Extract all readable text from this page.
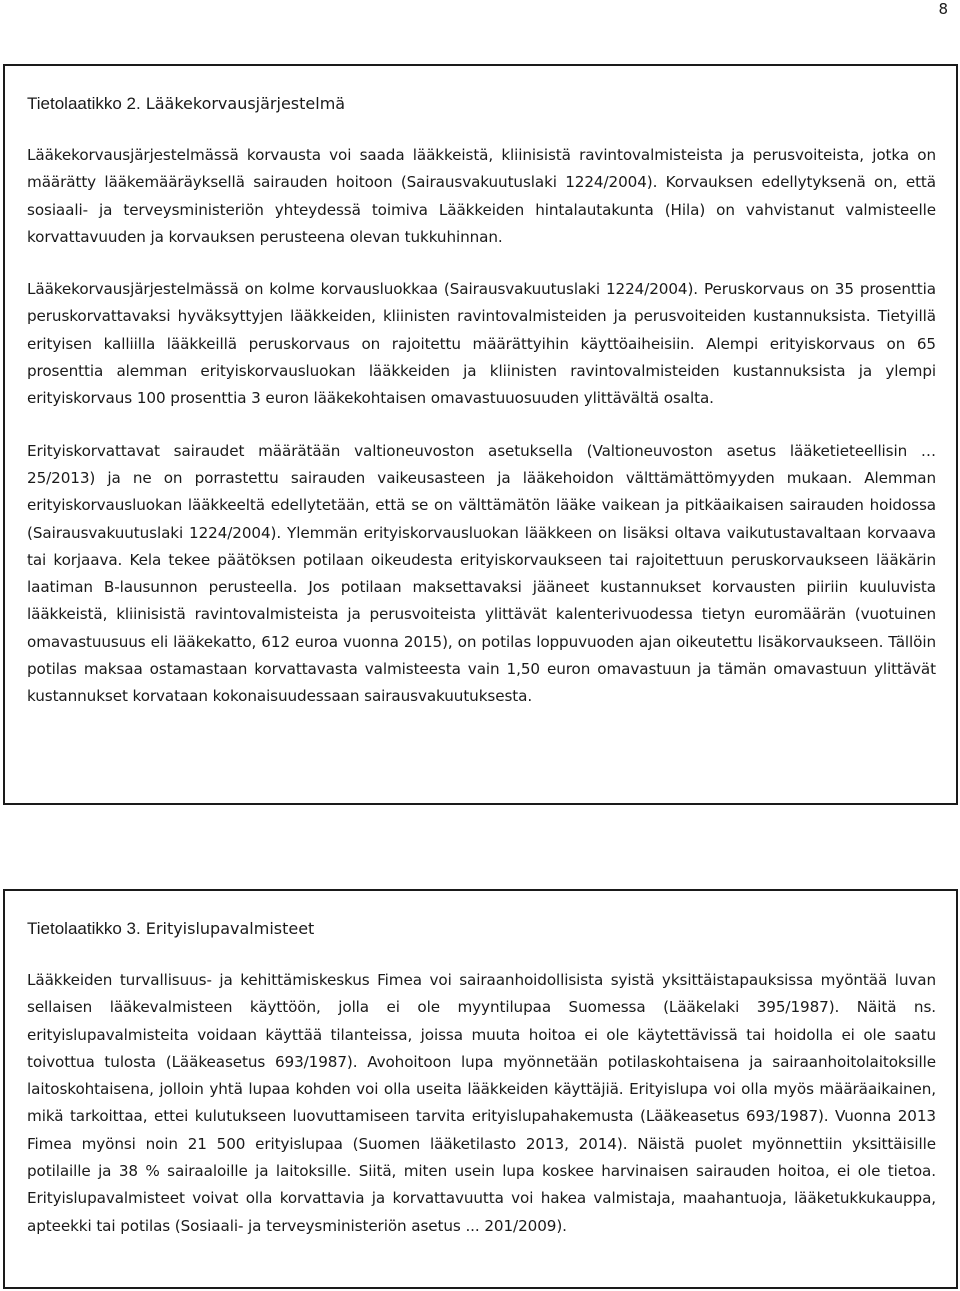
8
Tietolaatikko 2. Lääkekorvausjärjestelmä

Lääkekorvausjärjestelmässä korvausta voi saada lääkkeistä, kliinisistä ravintovalmisteista ja perusvoiteista, jotka on määrätty lääkemääräyksellä sairauden hoitoon (Sairausvakuutuslaki 1224/2004). Korvauksen edellytyksenä on, että sosiaali- ja terveysministeriön yhteydessä toimiva Lääkkeiden hintalautakunta (Hila) on vahvistanut valmisteelle korvattavuuden ja korvauksen perusteena olevan tukkuhinnan.

Lääkekorvausjärjestelmässä on kolme korvausluokkaa (Sairausvakuutuslaki 1224/2004). Peruskorvaus on 35 prosenttia peruskorvattavaksi hyväksyttyjen lääkkeiden, kliinisten ravintovalmisteiden ja perusvoiteiden kustannuksista. Tietyillä erityisen kalliilla lääkkeillä peruskorvaus on rajoitettu määrättyihin käyttöaiheisiin. Alempi erityiskorvaus on 65 prosenttia alemman erityiskorvausluokan lääkkeiden ja kliinisten ravintovalmisteiden kustannuksista ja ylempi erityiskorvaus 100 prosenttia 3 euron lääkekohtaisen omavastuuosuuden ylittävältä osalta.

Erityiskorvattavat sairaudet määrätään valtioneuvoston asetuksella (Valtioneuvoston asetus lääketieteellisin … 25/2013) ja ne on porrastettu sairauden vaikeusasteen ja lääkehoidon välttämättömyyden mukaan. Alemman erityiskorvausluokan lääkkeeltä edellytetään, että se on välttämätön lääke vaikean ja pitkäaikaisen sairauden hoidossa (Sairausvakuutuslaki 1224/2004). Ylemmän erityiskorvausluokan lääkkeen on lisäksi oltava vaikutustavaltaan korvaava tai korjaava. Kela tekee päätöksen potilaan oikeudesta erityiskorvaukseen tai rajoitettuun peruskorvaukseen lääkärin laatiman B-lausunnon perusteella. Jos potilaan maksettavaksi jääneet kustannukset korvausten piiriin kuuluvista lääkkeistä, kliinisistä ravintovalmisteista ja perusvoiteista ylittävät kalenterivuodessa tietyn euromäärän (vuotuinen omavastuusuus eli lääkekatto, 612 euroa vuonna 2015), on potilas loppuvuoden ajan oikeutettu lisäkorvaukseen. Tällöin potilas maksaa ostamastaan korvattavasta valmisteesta vain 1,50 euron omavastuun ja tämän omavastuun ylittävät kustannukset korvataan kokonaisuudessaan sairausvakuutuksesta.

Tietolaatikko 3. Erityislupavalmisteet

Lääkkeiden turvallisuus- ja kehittämiskeskus Fimea voi sairaanhoidollisista syistä yksittäistapauksissa myöntää luvan sellaisen lääkevalmisteen käyttöön, jolla ei ole myyntilupaa Suomessa (Lääkelaki 395/1987). Näitä ns. erityislupavalmisteita voidaan käyttää tilanteissa, joissa muuta hoitoa ei ole käytettävissä tai hoidolla ei ole saatu toivottua tulosta (Lääkeasetus 693/1987). Avohoitoon lupa myönnetään potilaskohtaisena ja sairaanhoitolaitoksille laitoskohtaisena, jolloin yhtä lupaa kohden voi olla useita lääkkeiden käyttäjiä. Erityislupa voi olla myös määräaikainen, mikä tarkoittaa, ettei kulutukseen luovuttamiseen tarvita erityislupahakemusta (Lääkeasetus 693/1987). Vuonna 2013 Fimea myönsi noin 21 500 erityislupaa (Suomen lääketilasto 2013, 2014). Näistä puolet myönnettiin yksittäisille potilaille ja 38 % sairaaloille ja laitoksille. Siitä, miten usein lupa koskee harvinaisen sairauden hoitoa, ei ole tietoa. Erityislupavalmisteet voivat olla korvattavia ja korvattavuutta voi hakea valmistaja, maahantuoja, lääketukkukauppa, apteekki tai potilas (Sosiaali- ja terveysministeriön asetus ... 201/2009).
